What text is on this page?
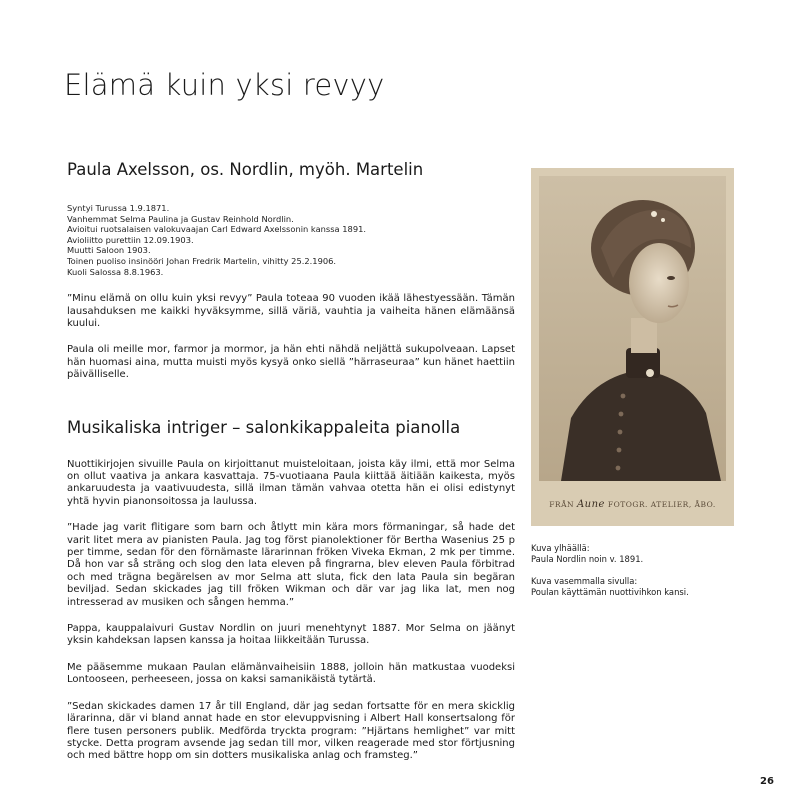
Elämä kuin yksi revyy
Paula Axelsson, os. Nordlin, myöh. Martelin
Syntyi Turussa 1.9.1871.
Vanhemmat Selma Paulina ja Gustav Reinhold Nordlin.
Avioitui ruotsalaisen valokuvaajan Carl Edward Axelssonin kanssa 1891.
Avioliitto purettiin 12.09.1903.
Muutti Saloon 1903.
Toinen puoliso insinööri Johan Fredrik Martelin, vihitty 25.2.1906.
Kuoli Salossa 8.8.1963.

”Minu elämä on ollu kuin yksi revyy” Paula toteaa 90 vuoden ikää lähestyessään. Tämän lausahduksen me kaikki hyväksymme, sillä väriä, vauhtia ja vaiheita hänen elämäänsä kuului.

Paula oli meille mor, farmor ja mormor, ja hän ehti nähdä neljättä sukupolveaan. Lapset hän huomasi aina, mutta muisti myös kysyä onko siellä ”härraseuraa” kun hänet haettiin päivälliselle.

Musikaliska intriger – salonkikappaleita pianolla

Nuottikirjojen sivuille Paula on kirjoittanut muisteloitaan, joista käy ilmi, että mor Selma on ollut vaativa ja ankara kasvattaja. 75-vuotiaana Paula kiittää äitiään kaikesta, myös ankaruudesta ja vaativuudesta, sillä ilman tämän vahvaa otetta hän ei olisi edistynyt yhtä hyvin pianonsoitossa ja laulussa.

”Hade jag varit flitigare som barn och åtlytt min kära mors förmaningar, så hade det varit litet mera av pianisten Paula. Jag tog först pianolektioner för Bertha Wasenius 25 p per timme, sedan för den förnämaste lärarinnan fröken Viveka Ekman, 2 mk per timme. Då hon var så sträng och slog den lata eleven på fingrarna, blev eleven Paula förbitrad och med trägna begärelsen av mor Selma att sluta, fick den lata Paula sin begäran beviljad. Sedan skickades jag till fröken Wikman och där var jag lika lat, men nog intresserad av musiken och sången hemma.”

Pappa, kauppalaivuri Gustav Nordlin on juuri menehtynyt 1887. Mor Selma on jäänyt yksin kahdeksan lapsen kanssa ja hoitaa liikkeitään Turussa.

Me pääsemme mukaan Paulan elämänvaiheisiin 1888, jolloin hän matkustaa vuodeksi Lontooseen, perheeseen, jossa on kaksi samanikäistä tytärtä.

”Sedan skickades damen 17 år till England, där jag sedan fortsatte för en mera skicklig lärarinna, där vi bland annat hade en stor elevuppvisning i Albert Hall konsertsalong för flere tusen personers publik. Medförda tryckta program: ”Hjärtans hemlighet” var mitt stycke. Detta program avsende jag sedan till mor, vilken reagerade med stor förtjusning och med bättre hopp om sin dotters musikaliska anlag och framsteg.”

FRÅN Aune FOTOGR. ATELIER, ÅBO.
Kuva ylhäällä:
Paula Nordlin noin v. 1891.
Kuva vasemmalla sivulla:
Poulan käyttämän nuottivihkon kansi.
26
